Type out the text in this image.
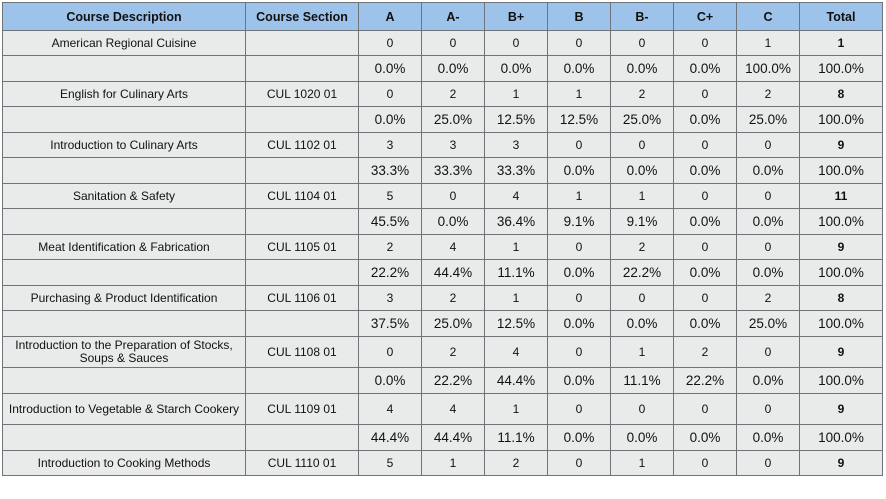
Course Description	Course Section	A	A-	B+	B	B-	C+	C	Total
American Regional Cuisine		0	0	0	0	0	0	1	1
		0.0%	0.0%	0.0%	0.0%	0.0%	0.0%	100.0%	100.0%
English for Culinary Arts	CUL 1020 01	0	2	1	1	2	0	2	8
		0.0%	25.0%	12.5%	12.5%	25.0%	0.0%	25.0%	100.0%
Introduction to Culinary Arts	CUL 1102 01	3	3	3	0	0	0	0	9
		33.3%	33.3%	33.3%	0.0%	0.0%	0.0%	0.0%	100.0%
Sanitation & Safety	CUL 1104 01	5	0	4	1	1	0	0	11
		45.5%	0.0%	36.4%	9.1%	9.1%	0.0%	0.0%	100.0%
Meat Identification & Fabrication	CUL 1105 01	2	4	1	0	2	0	0	9
		22.2%	44.4%	11.1%	0.0%	22.2%	0.0%	0.0%	100.0%
Purchasing & Product Identification	CUL 1106 01	3	2	1	0	0	0	2	8
		37.5%	25.0%	12.5%	0.0%	0.0%	0.0%	25.0%	100.0%
Introduction to the Preparation of Stocks, Soups & Sauces	CUL 1108 01	0	2	4	0	1	2	0	9
		0.0%	22.2%	44.4%	0.0%	11.1%	22.2%	0.0%	100.0%
Introduction to Vegetable & Starch Cookery	CUL 1109 01	4	4	1	0	0	0	0	9
		44.4%	44.4%	11.1%	0.0%	0.0%	0.0%	0.0%	100.0%
Introduction to Cooking Methods	CUL 1110 01	5	1	2	0	1	0	0	9
